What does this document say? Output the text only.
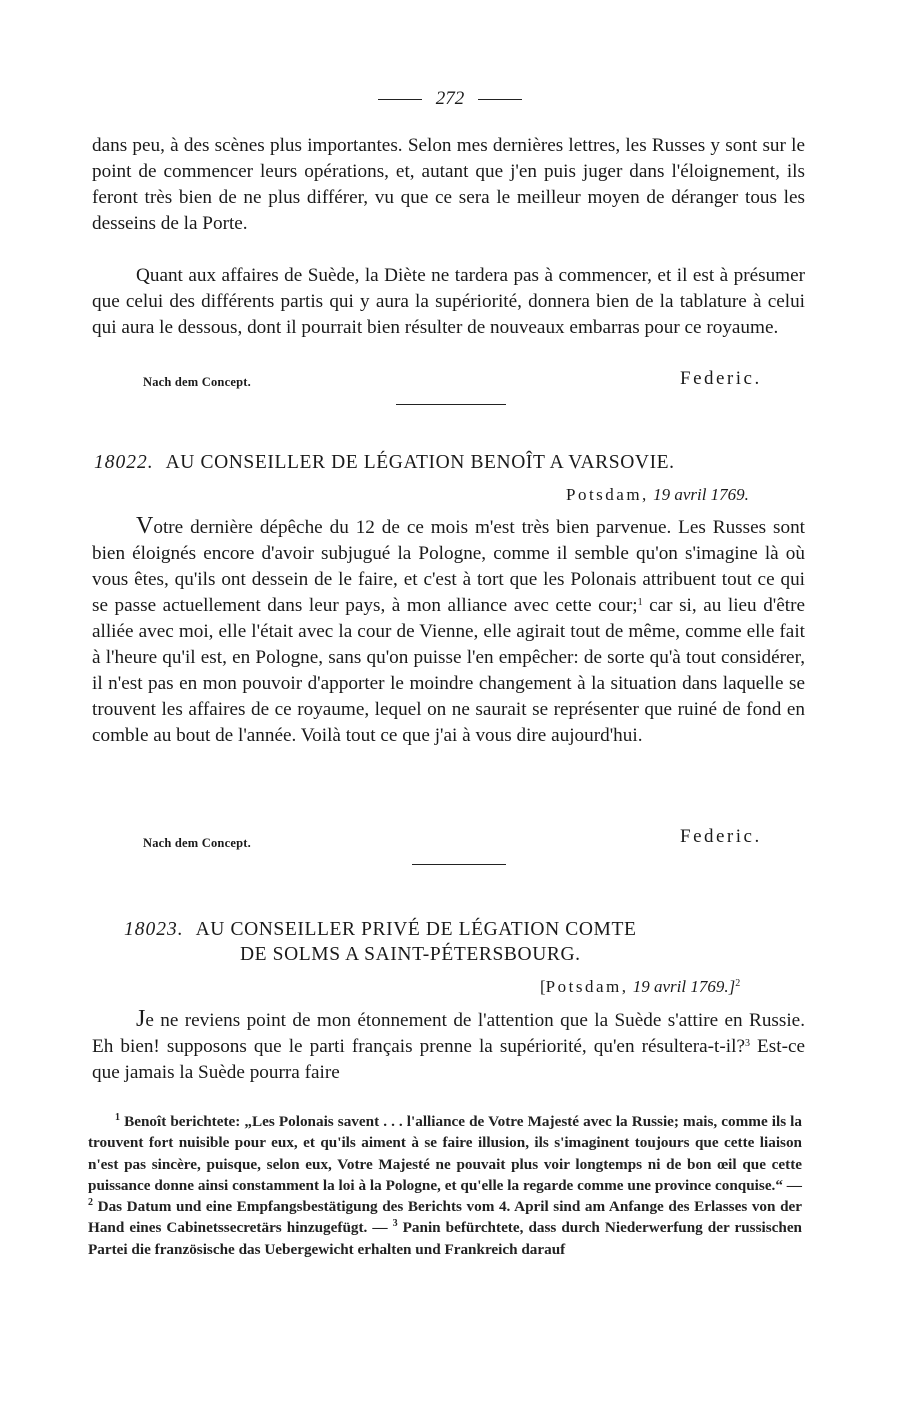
272
dans peu, à des scènes plus importantes. Selon mes dernières lettres, les Russes y sont sur le point de commencer leurs opérations, et, autant que j'en puis juger dans l'éloignement, ils feront très bien de ne plus différer, vu que ce sera le meilleur moyen de déranger tous les desseins de la Porte.
Quant aux affaires de Suède, la Diète ne tardera pas à commencer, et il est à présumer que celui des différents partis qui y aura la supériorité, donnera bien de la tablature à celui qui aura le dessous, dont il pourrait bien résulter de nouveaux embarras pour ce royaume.
Nach dem Concept.	Federic.
18022. AU CONSEILLER DE LÉGATION BENOÎT A VARSOVIE.
Potsdam, 19 avril 1769.
Votre dernière dépêche du 12 de ce mois m'est très bien parvenue. Les Russes sont bien éloignés encore d'avoir subjugué la Pologne, comme il semble qu'on s'imagine là où vous êtes, qu'ils ont dessein de le faire, et c'est à tort que les Polonais attribuent tout ce qui se passe actuellement dans leur pays, à mon alliance avec cette cour;$^1$ car si, au lieu d'être alliée avec moi, elle l'était avec la cour de Vienne, elle agirait tout de même, comme elle fait à l'heure qu'il est, en Pologne, sans qu'on puisse l'en empêcher: de sorte qu'à tout considérer, il n'est pas en mon pouvoir d'apporter le moindre changement à la situation dans laquelle se trouvent les affaires de ce royaume, lequel on ne saurait se représenter que ruiné de fond en comble au bout de l'année. Voilà tout ce que j'ai à vous dire aujourd'hui.
Nach dem Concept.	Federic.
18023. AU CONSEILLER PRIVÉ DE LÉGATION COMTE
DE SOLMS A SAINT-PÉTERSBOURG.
[Potsdam, 19 avril 1769.]$^2$
Je ne reviens point de mon étonnement de l'attention que la Suède s'attire en Russie. Eh bien! supposons que le parti français prenne la supériorité, qu'en résultera-t-il?$^3$ Est-ce que jamais la Suède pourra faire
$^1$ Benoît berichtete: „Les Polonais savent . . . l'alliance de Votre Majesté avec la Russie; mais, comme ils la trouvent fort nuisible pour eux, et qu'ils aiment à se faire illusion, ils s'imaginent toujours que cette liaison n'est pas sincère, puisque, selon eux, Votre Majesté ne pouvait plus voir longtemps ni de bon œil que cette puissance donne ainsi constamment la loi à la Pologne, et qu'elle la regarde comme une province conquise.“ — $^2$ Das Datum und eine Empfangsbestätigung des Berichts vom 4. April sind am Anfange des Erlasses von der Hand eines Cabinetssecretärs hinzugefügt. — $^3$ Panin befürchtete, dass durch Niederwerfung der russischen Partei die französische das Uebergewicht erhalten und Frankreich darauf
